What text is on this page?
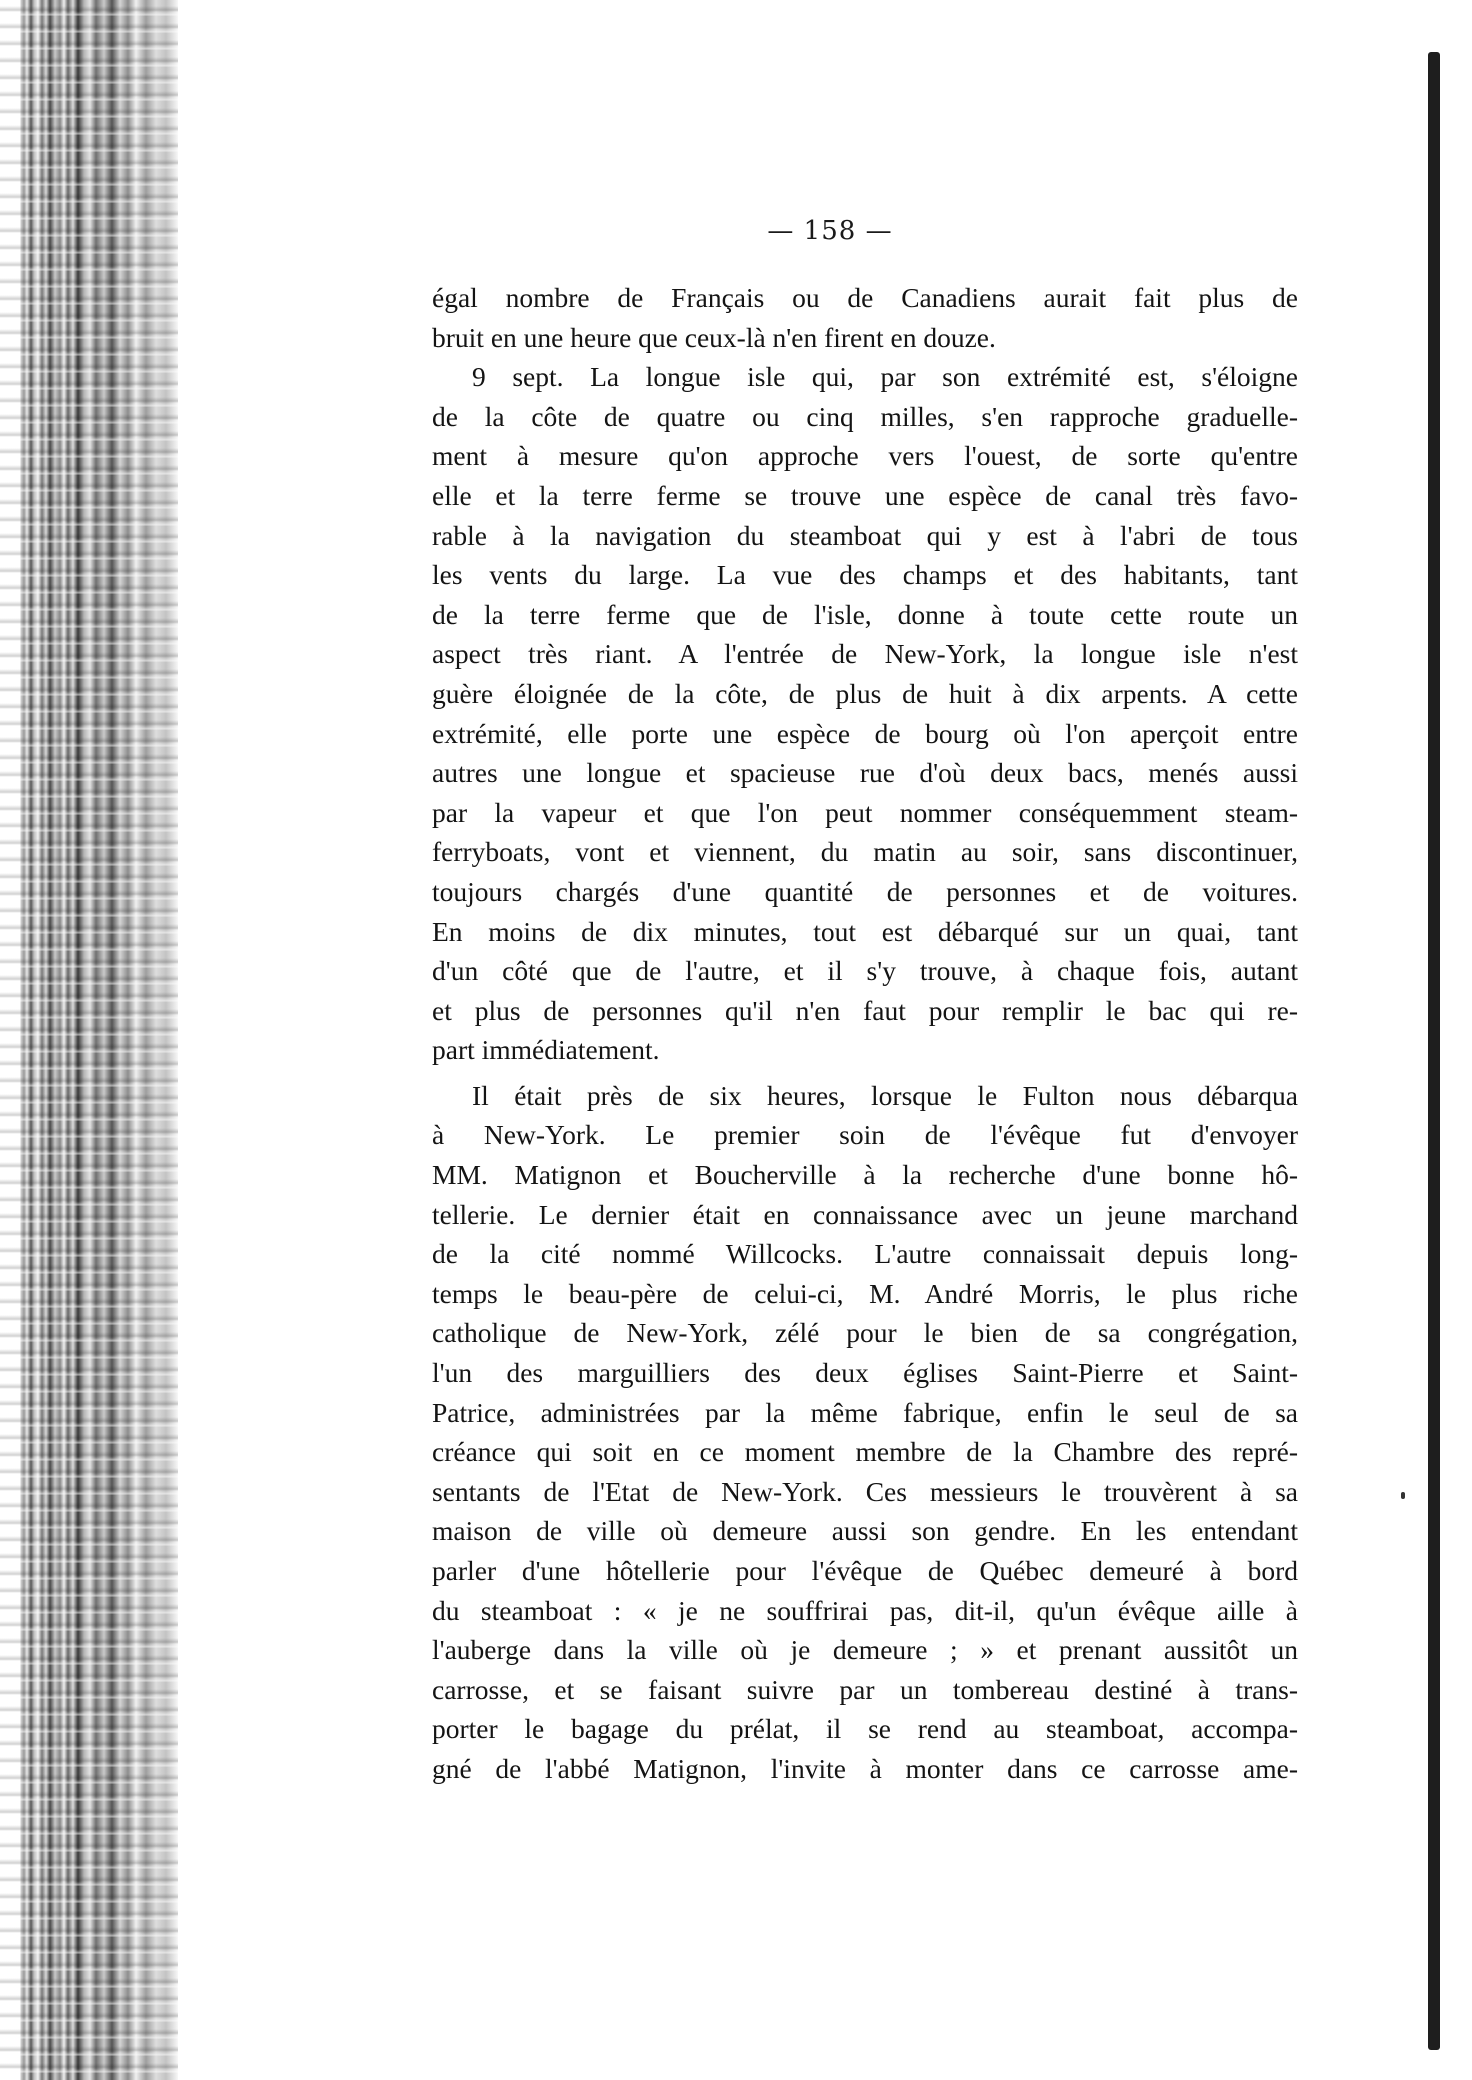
— 158 —
égal nombre de Français ou de Canadiens aurait fait plus de
bruit en une heure que ceux-là n'en firent en douze.
9 sept. La longue isle qui, par son extrémité est, s'éloigne
de la côte de quatre ou cinq milles, s'en rapproche graduelle-
ment à mesure qu'on approche vers l'ouest, de sorte qu'entre
elle et la terre ferme se trouve une espèce de canal très favo-
rable à la navigation du steamboat qui y est à l'abri de tous
les vents du large. La vue des champs et des habitants, tant
de la terre ferme que de l'isle, donne à toute cette route un
aspect très riant. A l'entrée de New-York, la longue isle n'est
guère éloignée de la côte, de plus de huit à dix arpents. A cette
extrémité, elle porte une espèce de bourg où l'on aperçoit entre
autres une longue et spacieuse rue d'où deux bacs, menés aussi
par la vapeur et que l'on peut nommer conséquemment steam-
ferryboats, vont et viennent, du matin au soir, sans discontinuer,
toujours chargés d'une quantité de personnes et de voitures.
En moins de dix minutes, tout est débarqué sur un quai, tant
d'un côté que de l'autre, et il s'y trouve, à chaque fois, autant
et plus de personnes qu'il n'en faut pour remplir le bac qui re-
part immédiatement.
Il était près de six heures, lorsque le Fulton nous débarqua
à New-York. Le premier soin de l'évêque fut d'envoyer
MM. Matignon et Boucherville à la recherche d'une bonne hô-
tellerie. Le dernier était en connaissance avec un jeune marchand
de la cité nommé Willcocks. L'autre connaissait depuis long-
temps le beau-père de celui-ci, M. André Morris, le plus riche
catholique de New-York, zélé pour le bien de sa congrégation,
l'un des marguilliers des deux églises Saint-Pierre et Saint-
Patrice, administrées par la même fabrique, enfin le seul de sa
créance qui soit en ce moment membre de la Chambre des repré-
sentants de l'Etat de New-York. Ces messieurs le trouvèrent à sa
maison de ville où demeure aussi son gendre. En les entendant
parler d'une hôtellerie pour l'évêque de Québec demeuré à bord
du steamboat : « je ne souffrirai pas, dit-il, qu'un évêque aille à
l'auberge dans la ville où je demeure ; » et prenant aussitôt un
carrosse, et se faisant suivre par un tombereau destiné à trans-
porter le bagage du prélat, il se rend au steamboat, accompa-
gné de l'abbé Matignon, l'invite à monter dans ce carrosse ame-
